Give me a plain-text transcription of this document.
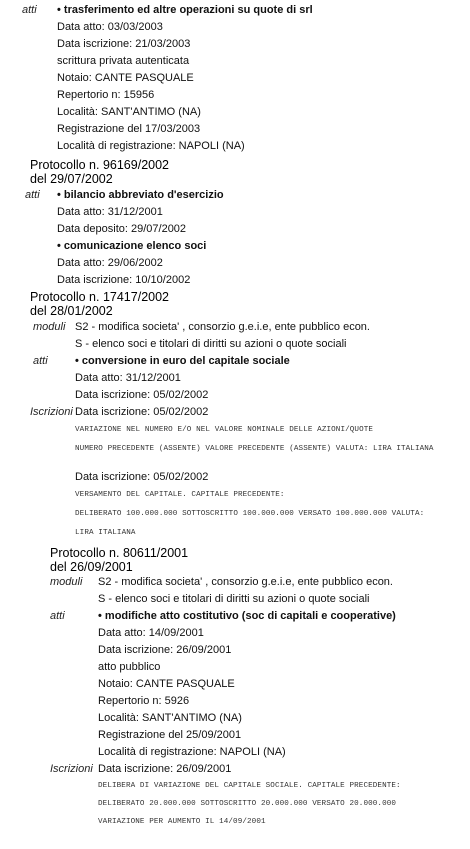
atti • trasferimento ed altre operazioni su quote di srl
Data atto: 03/03/2003
Data iscrizione: 21/03/2003
scrittura privata autenticata
Notaio: CANTE PASQUALE
Repertorio n: 15956
Località: SANT'ANTIMO (NA)
Registrazione del 17/03/2003
Località di registrazione: NAPOLI (NA)
Protocollo n. 96169/2002
del 29/07/2002
atti • bilancio abbreviato d'esercizio
Data atto: 31/12/2001
Data deposito: 29/07/2002
• comunicazione elenco soci
Data atto: 29/06/2002
Data iscrizione: 10/10/2002
Protocollo n. 17417/2002
del 28/01/2002
moduli S2 - modifica societa' , consorzio g.e.i.e, ente pubblico econ.
S - elenco soci e titolari di diritti su azioni o quote sociali
atti • conversione in euro del capitale sociale
Data atto: 31/12/2001
Data iscrizione: 05/02/2002
Iscrizioni Data iscrizione: 05/02/2002
VARIAZIONE NEL NUMERO E/O NEL VALORE NOMINALE DELLE AZIONI/QUOTE
NUMERO PRECEDENTE (ASSENTE) VALORE PRECEDENTE (ASSENTE) VALUTA: LIRA ITALIANA
Data iscrizione: 05/02/2002
VERSAMENTO DEL CAPITALE. CAPITALE PRECEDENTE:
DELIBERATO 100.000.000 SOTTOSCRITTO 100.000.000 VERSATO 100.000.000 VALUTA:
LIRA ITALIANA
Protocollo n. 80611/2001
del 26/09/2001
moduli S2 - modifica societa' , consorzio g.e.i.e, ente pubblico econ.
S - elenco soci e titolari di diritti su azioni o quote sociali
atti	• modifiche atto costitutivo (soc di capitali e cooperative)
Data atto: 14/09/2001
Data iscrizione: 26/09/2001
atto pubblico
Notaio: CANTE PASQUALE
Repertorio n: 5926
Località: SANT'ANTIMO (NA)
Registrazione del 25/09/2001
Località di registrazione: NAPOLI (NA)
Iscrizioni Data iscrizione: 26/09/2001
DELIBERA DI VARIAZIONE DEL CAPITALE SOCIALE. CAPITALE PRECEDENTE:
DELIBERATO 20.000.000 SOTTOSCRITTO 20.000.000 VERSATO 20.000.000
VARIAZIONE PER AUMENTO IL 14/09/2001
